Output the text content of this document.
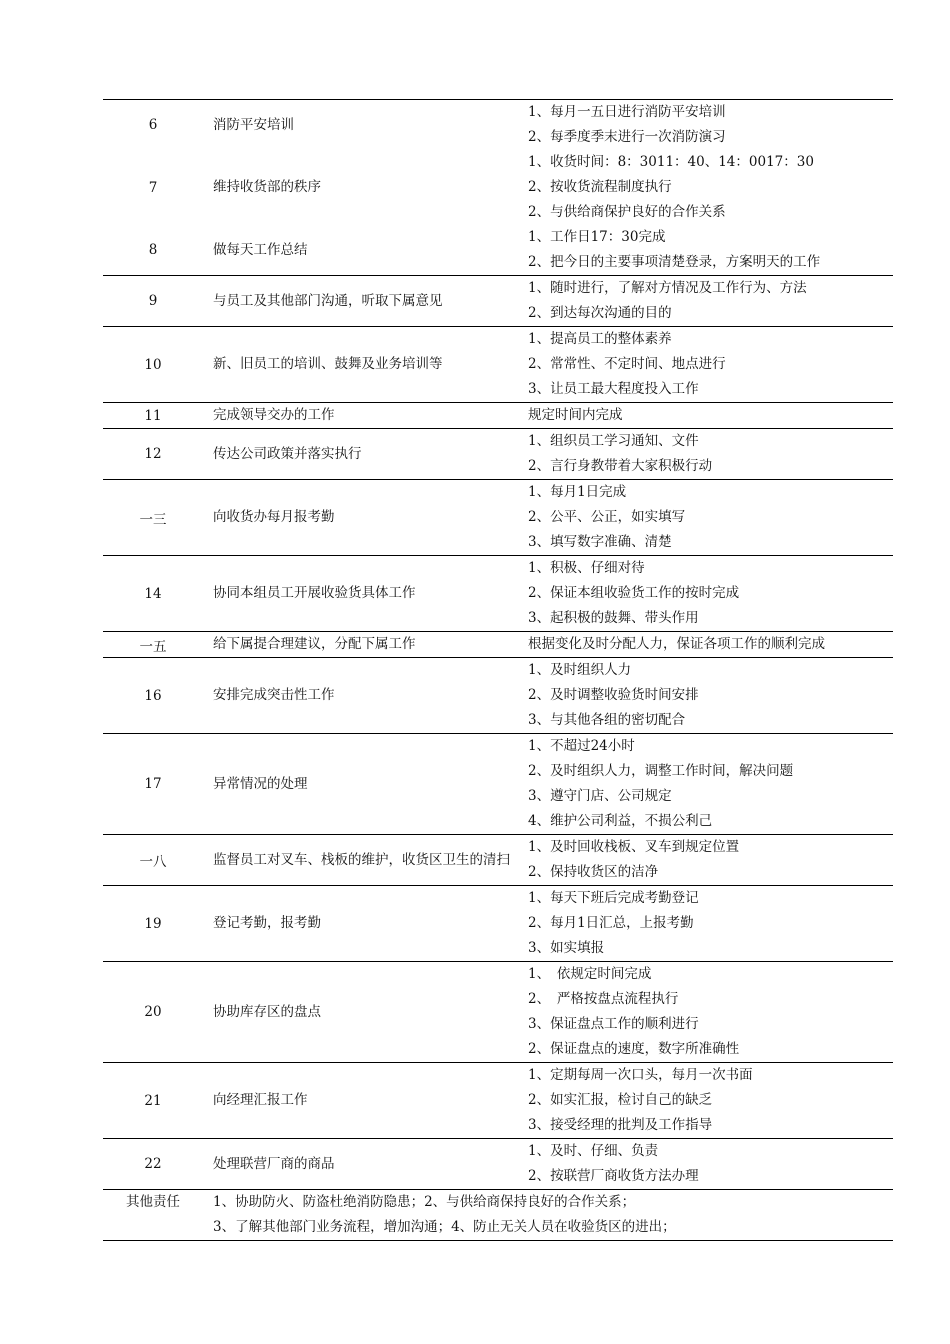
6	消防平安培训	1、每月一五日进行消防平安培训
2、每季度季末进行一次消防演习

7	维持收货部的秩序	1、收货时间：8：3011：40、14：0017：30
2、按收货流程制度执行
2、与供给商保护良好的合作关系

8	做每天工作总结	1、工作日17：30完成
2、把今日的主要事项清楚登录，方案明天的工作

9	与员工及其他部门沟通，听取下属意见	1、随时进行，了解对方情况及工作行为、方法
2、到达每次沟通的目的

10	新、旧员工的培训、鼓舞及业务培训等	1、提高员工的整体素养
2、常常性、不定时间、地点进行
3、让员工最大程度投入工作

11	完成领导交办的工作	规定时间内完成

12	传达公司政策并落实执行	1、组织员工学习通知、文件
2、言行身教带着大家积极行动

一三	向收货办每月报考勤	1、每月1日完成
2、公平、公正，如实填写
3、填写数字准确、清楚

14	协同本组员工开展收验货具体工作	1、积极、仔细对待
2、保证本组收验货工作的按时完成
3、起积极的鼓舞、带头作用

一五	给下属提合理建议，分配下属工作	根据变化及时分配人力，保证各项工作的顺利完成

16	安排完成突击性工作	1、及时组织人力
2、及时调整收验货时间安排
3、与其他各组的密切配合

17	异常情况的处理	1、不超过24小时
2、及时组织人力，调整工作时间，解决问题
3、遵守门店、公司规定
4、维护公司利益，不损公利己

一八	监督员工对叉车、栈板的维护，收货区卫生的清扫	1、及时回收栈板、叉车到规定位置
2、保持收货区的洁净

19	登记考勤，报考勤	1、每天下班后完成考勤登记
2、每月1日汇总，上报考勤
3、如实填报

20	协助库存区的盘点	1、　依规定时间完成
2、　严格按盘点流程执行
3、保证盘点工作的顺利进行
2、保证盘点的速度，数字所准确性

21	向经理汇报工作	1、定期每周一次口头，每月一次书面
2、如实汇报，检讨自己的缺乏
3、接受经理的批判及工作指导

22	处理联营厂商的商品	1、及时、仔细、负责
2、按联营厂商收货方法办理

其他责任	1、协助防火、防盗杜绝消防隐患；2、与供给商保持良好的合作关系；
3、了解其他部门业务流程，增加沟通；4、防止无关人员在收验货区的进出；	
